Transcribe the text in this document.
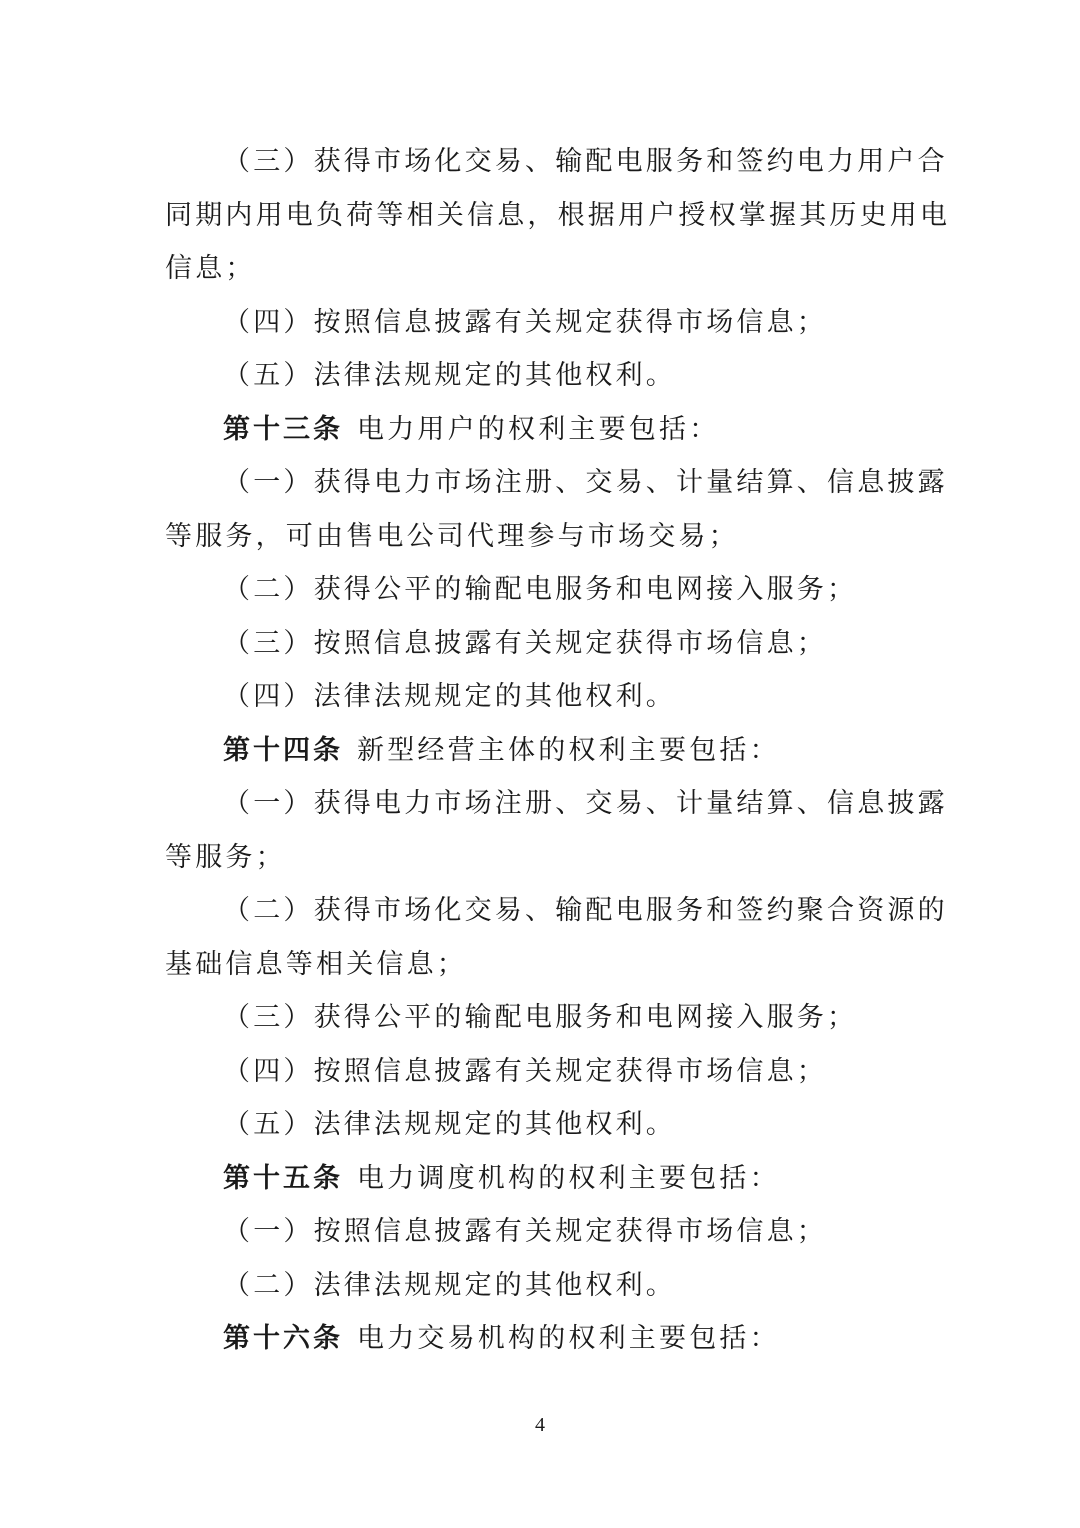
（三）获得市场化交易、输配电服务和签约电力用户合
同期内用电负荷等相关信息，根据用户授权掌握其历史用电
信息；
（四）按照信息披露有关规定获得市场信息；
（五）法律法规规定的其他权利。
第十三条 电力用户的权利主要包括：
（一）获得电力市场注册、交易、计量结算、信息披露
等服务，可由售电公司代理参与市场交易；
（二）获得公平的输配电服务和电网接入服务；
（三）按照信息披露有关规定获得市场信息；
（四）法律法规规定的其他权利。
第十四条 新型经营主体的权利主要包括：
（一）获得电力市场注册、交易、计量结算、信息披露
等服务；
（二）获得市场化交易、输配电服务和签约聚合资源的
基础信息等相关信息；
（三）获得公平的输配电服务和电网接入服务；
（四）按照信息披露有关规定获得市场信息；
（五）法律法规规定的其他权利。
第十五条 电力调度机构的权利主要包括：
（一）按照信息披露有关规定获得市场信息；
（二）法律法规规定的其他权利。
第十六条 电力交易机构的权利主要包括：
4
